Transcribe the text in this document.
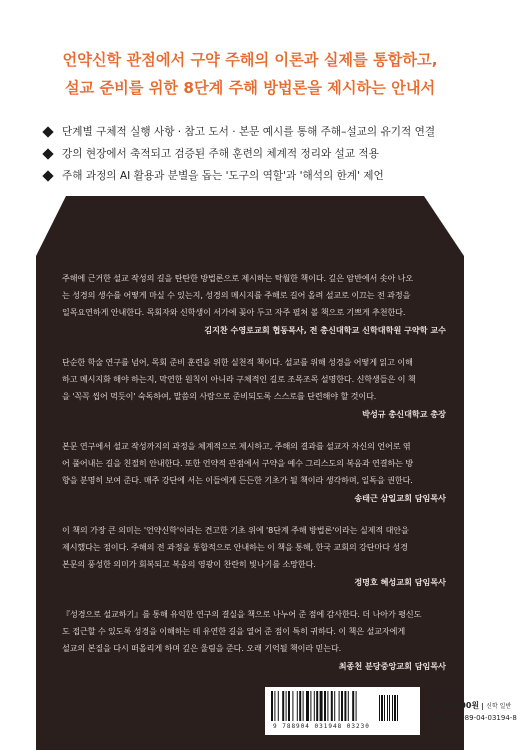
언약신학 관점에서 구약 주해의 이론과 실제를 통합하고,
설교 준비를 위한 8단계 주해 방법론을 제시하는 안내서
단계별 구체적 실행 사항 · 참고 도서 · 본문 예시를 통해 주해–설교의 유기적 연결
강의 현장에서 축적되고 검증된 주해 훈련의 체계적 정리와 설교 적용
주해 과정의 AI 활용과 분별을 돕는 '도구의 역할'과 '해석의 한계' 제언

주해에 근거한 설교 작성의 길을 탄탄한 방법론으로 제시하는 탁월한 책이다. 깊은 암반에서 솟아 나오

는 성경의 생수를 어떻게 마실 수 있는지, 성경의 메시지를 주해로 길어 올려 설교로 이끄는 전 과정을

일목요연하게 안내한다. 목회자와 신학생이 서가에 꽂아 두고 자주 펼쳐 볼 책으로 기쁘게 추천한다.

김지찬 수영로교회 협동목사, 전 총신대학교 신학대학원 구약학 교수

단순한 학술 연구를 넘어, 목회 준비 훈련을 위한 실천적 책이다. 설교를 위해 성경을 어떻게 읽고 이해

하고 메시지화 해야 하는지, 막연한 원칙이 아니라 구체적인 길로 조목조목 설명한다. 신학생들은 이 책

을 '꼭꼭 씹어 먹듯이' 숙독하여, 말씀의 사람으로 준비되도록 스스로를 단련해야 할 것이다.

박성규 총신대학교 총장

본문 연구에서 설교 작성까지의 과정을 체계적으로 제시하고, 주해의 결과를 설교자 자신의 언어로 엮

어 풀어내는 길을 친절히 안내한다. 또한 언약적 관점에서 구약을 예수 그리스도의 복음과 연결하는 방

향을 분명히 보여 준다. 매주 강단에 서는 이들에게 든든한 기초가 될 책이라 생각하며, 일독을 권한다.

송태근 삼일교회 담임목사

이 책의 가장 큰 의미는 '언약신학'이라는 견고한 기초 위에 '8단계 주해 방법론'이라는 실제적 대안을

제시했다는 점이다. 주해의 전 과정을 통합적으로 안내하는 이 책을 통해, 한국 교회의 강단마다 성경

본문의 풍성한 의미가 회복되고 복음의 영광이 찬란히 빛나기를 소망한다.

정명호 혜성교회 담임목사

『성경으로 설교하기』를 통해 유익한 연구의 결실을 책으로 나누어 준 점에 감사한다. 더 나아가 평신도

도 접근할 수 있도록 성경을 이해하는 데 유연한 길을 열어 준 점이 특히 귀하다. 이 책은 설교자에게

설교의 본질을 다시 떠올리게 하며 깊은 울림을 준다. 오래 기억될 책이라 믿는다.

최종천 분당중앙교회 담임목사
9 788904 031948 03230
값 20,000원 신학 일반
ISBN 978-89-04-03194-8
